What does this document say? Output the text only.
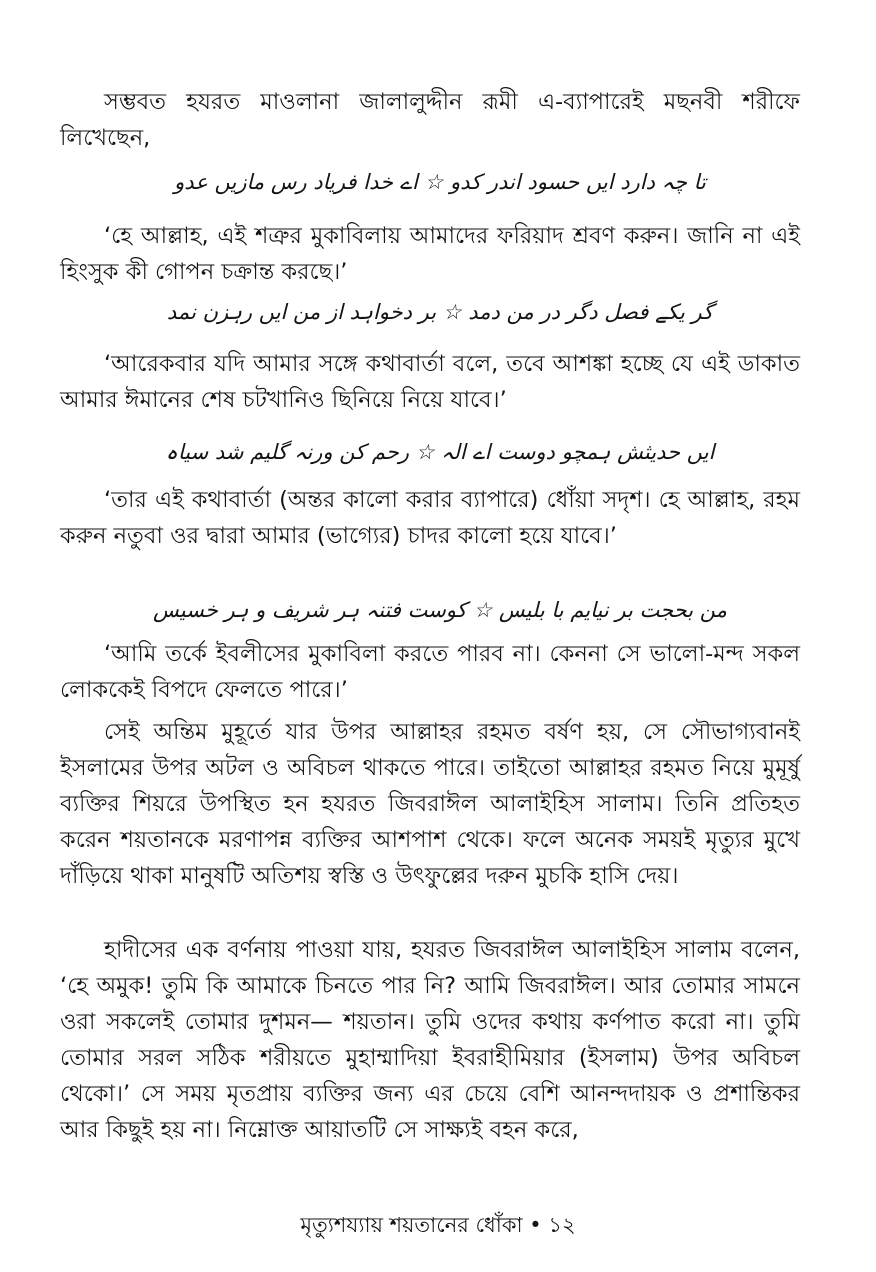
সম্ভবত হযরত মাওলানা জালালুদ্দীন রূমী এ-ব্যাপারেই মছনবী শরীফে লিখেছেন,

تا چہ دارد ایں حسود اندر کدو ☆ اے خدا فریاد رس مازیں عدو

‘হে আল্লাহ, এই শত্রুর মুকাবিলায় আমাদের ফরিয়াদ শ্রবণ করুন। জানি না এই হিংসুক কী গোপন চক্রান্ত করছে।’

گر یکے فصل دگر در من دمد ☆ بر دخواہد از من ایں رہزن نمد

‘আরেকবার যদি আমার সঙ্গে কথাবার্তা বলে, তবে আশঙ্কা হচ্ছে যে এই ডাকাত আমার ঈমানের শেষ চটখানিও ছিনিয়ে নিয়ে যাবে।’

ایں حدیثش ہمچو دوست اے الہ ☆ رحم کن ورنہ گلیم شد سیاہ

‘তার এই কথাবার্তা (অন্তর কালো করার ব্যাপারে) ধোঁয়া সদৃশ। হে আল্লাহ, রহম করুন নতুবা ওর দ্বারা আমার (ভাগ্যের) চাদর কালো হয়ে যাবে।’

من بحجت بر نیایم با بلیس ☆ کوست فتنہ ہر شریف و ہر خسیس

‘আমি তর্কে ইবলীসের মুকাবিলা করতে পারব না। কেননা সে ভালো-মন্দ সকল লোককেই বিপদে ফেলতে পারে।’

সেই অন্তিম মুহূর্তে যার উপর আল্লাহর রহমত বর্ষণ হয়, সে সৌভাগ্যবানই ইসলামের উপর অটল ও অবিচল থাকতে পারে। তাইতো আল্লাহর রহমত নিয়ে মুমূর্ষু ব্যক্তির শিয়রে উপস্থিত হন হযরত জিবরাঈল আলাইহিস সালাম। তিনি প্রতিহত করেন শয়তানকে মরণাপন্ন ব্যক্তির আশপাশ থেকে। ফলে অনেক সময়ই মৃত্যুর মুখে দাঁড়িয়ে থাকা মানুষটি অতিশয় স্বস্তি ও উৎফুল্লের দরুন মুচকি হাসি দেয়।

হাদীসের এক বর্ণনায় পাওয়া যায়, হযরত জিবরাঈল আলাইহিস সালাম বলেন, ‘হে অমুক! তুমি কি আমাকে চিনতে পার নি? আমি জিবরাঈল। আর তোমার সামনে ওরা সকলেই তোমার দুশমন— শয়তান। তুমি ওদের কথায় কর্ণপাত করো না। তুমি তোমার সরল সঠিক শরীয়তে মুহাম্মাদিয়া ইবরাহীমিয়ার (ইসলাম) উপর অবিচল থেকো।’ সে সময় মৃতপ্রায় ব্যক্তির জন্য এর চেয়ে বেশি আনন্দদায়ক ও প্রশান্তিকর আর কিছুই হয় না। নিম্নোক্ত আয়াতটি সে সাক্ষ্যই বহন করে,

মৃত্যুশয্যায় শয়তানের ধোঁকা • ১২
